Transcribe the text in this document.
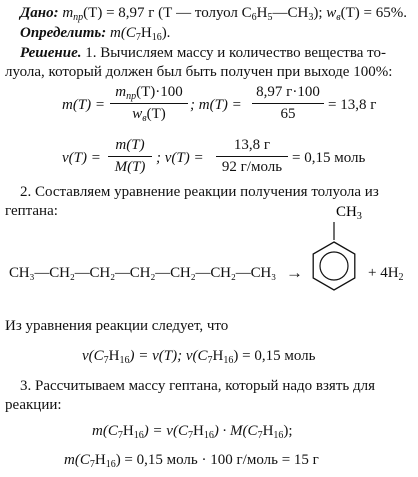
Дано: $m_{пр}(Т) = 8,97$ г (Т — толуол $C_6H_5—CH_3$); $w_в(Т) = 65\%$.
Определить: $m(C_7H_{16})$.
Решение. 1. Вычисляем массу и количество вещества то-
луола, который должен был быть получен при выходе 100%:
m(T) =
$m_{пр}(T)\cdot 100$
$w_в(T)$
; m(T) =
8,97 г·100
65
= 13,8 г
ν(T) =
m(T)
M(T)
; ν(T) =
13,8 г
92 г/моль
= 0,15 моль
2. Составляем уравнение реакции получения толуола из
гептана:
CH₃—CH₂—CH₂—CH₂—CH₂—CH₂—CH₃ →
$CH_3$
+ $4H_2$
Из уравнения реакции следует, что
$\nu(C_7H_{16}) = \nu(T)$; $\nu(C_7H_{16}) = 0,15$ моль
3. Рассчитываем массу гептана, который надо взять для
реакции:
$m(C_7H_{16}) = \nu(C_7H_{16}) \cdot M(C_7H_{16})$;
$m(C_7H_{16}) = 0,15$ моль · 100 г/моль = 15 г
